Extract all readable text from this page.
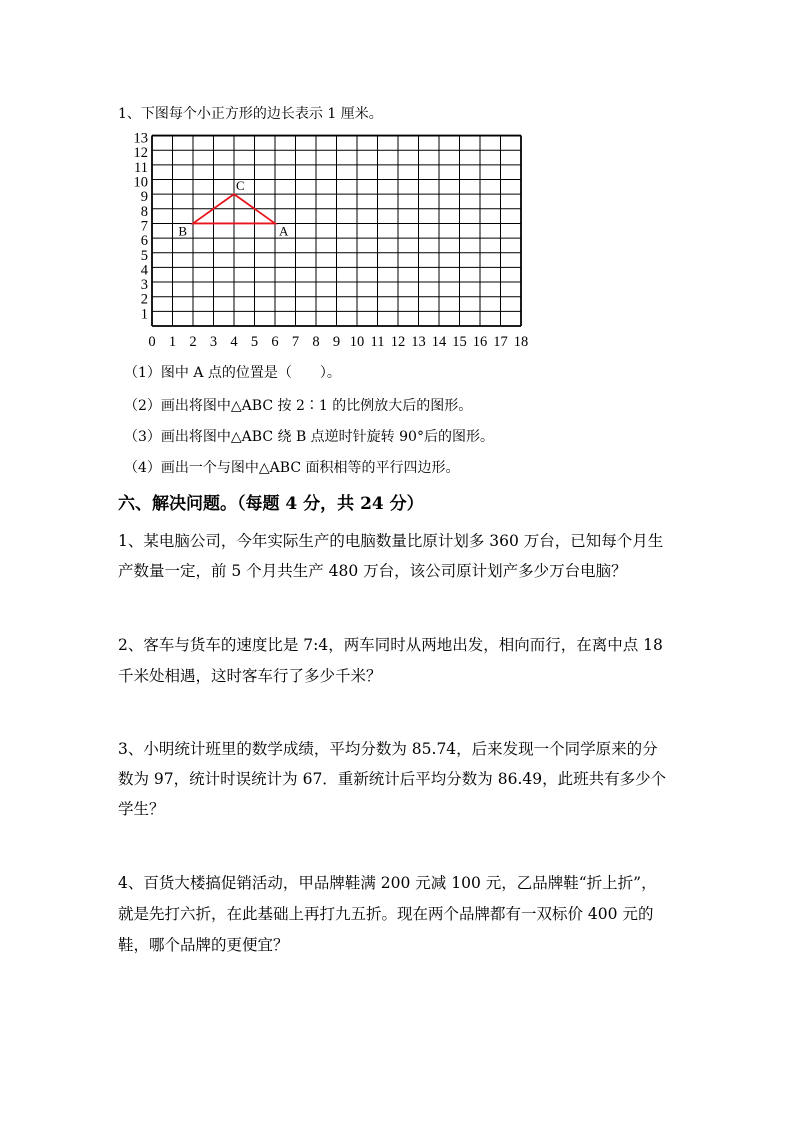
1、下图每个小正方形的边长表示 1 厘米。
0 1 2 3 4 5 6 7 8 9 10 11 12 13 14 15 16 17 18
1
2
3
4
5
6
7
8
9
10
11
12
13
A
B
C
（1）图中 A 点的位置是（　　）。
（2）画出将图中△ABC 按 2∶1 的比例放大后的图形。
（3）画出将图中△ABC 绕 B 点逆时针旋转 90°后的图形。
（4）画出一个与图中△ABC 面积相等的平行四边形。
六、解决问题。（每题 4 分，共 24 分）
1、某电脑公司，今年实际生产的电脑数量比原计划多 360 万台，已知每个月生
产数量一定，前 5 个月共生产 480 万台，该公司原计划产多少万台电脑？
2、客车与货车的速度比是 7:4，两车同时从两地出发，相向而行，在离中点 18
千米处相遇，这时客车行了多少千米？
3、小明统计班里的数学成绩，平均分数为 85.74，后来发现一个同学原来的分
数为 97，统计时误统计为 67．重新统计后平均分数为 86.49，此班共有多少个
学生？
4、百货大楼搞促销活动，甲品牌鞋满 200 元减 100 元，乙品牌鞋“折上折”，
就是先打六折，在此基础上再打九五折。现在两个品牌都有一双标价 400 元的
鞋，哪个品牌的更便宜？
